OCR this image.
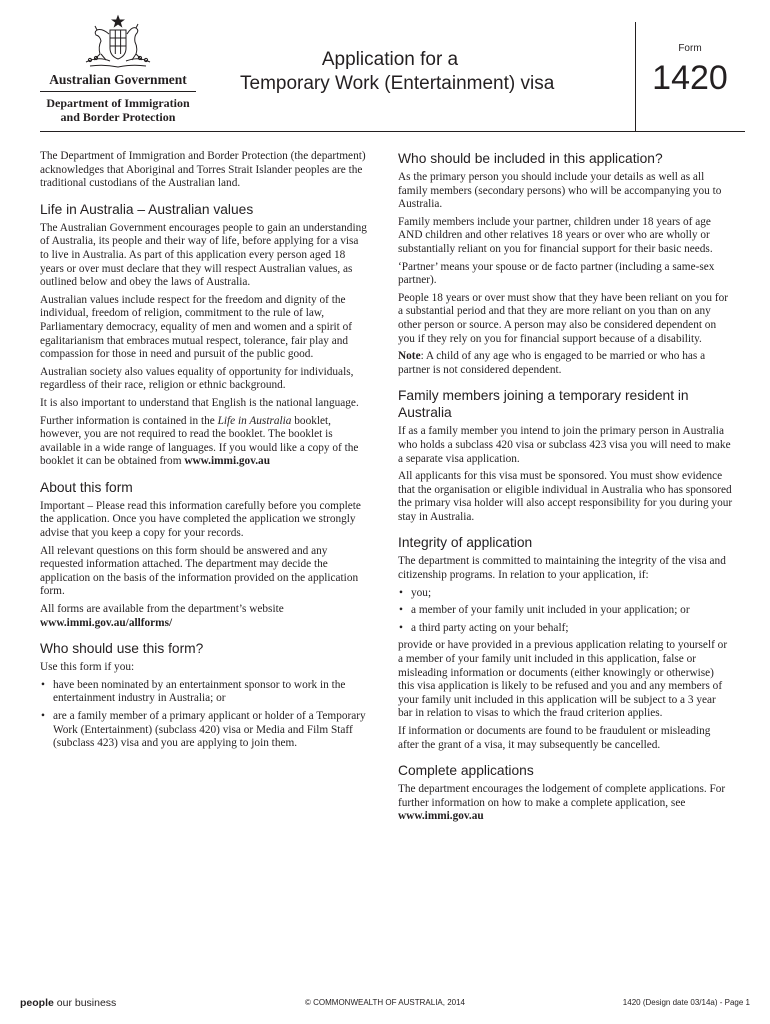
Australian Government
Department of Immigration
and Border Protection
Application for a
Temporary Work (Entertainment) visa
Form
1420

The Department of Immigration and Border Protection (the department) acknowledges that Aboriginal and Torres Strait Islander peoples are the traditional custodians of the Australian land.

Life in Australia – Australian values

The Australian Government encourages people to gain an understanding of Australia, its people and their way of life, before applying for a visa to live in Australia. As part of this application every person aged 18 years or over must declare that they will respect Australian values, as outlined below and obey the laws of Australia.

Australian values include respect for the freedom and dignity of the individual, freedom of religion, commitment to the rule of law, Parliamentary democracy, equality of men and women and a spirit of egalitarianism that embraces mutual respect, tolerance, fair play and compassion for those in need and pursuit of the public good.

Australian society also values equality of opportunity for individuals, regardless of their race, religion or ethnic background.

It is also important to understand that English is the national language.

Further information is contained in the Life in Australia booklet, however, you are not required to read the booklet. The booklet is available in a wide range of languages. If you would like a copy of the booklet it can be obtained from www.immi.gov.au

About this form

Important – Please read this information carefully before you complete the application. Once you have completed the application we strongly advise that you keep a copy for your records.

All relevant questions on this form should be answered and any requested information attached. The department may decide the application on the basis of the information provided on the application form.

All forms are available from the department’s website
www.immi.gov.au/allforms/

Who should use this form?

Use this form if you:

• have been nominated by an entertainment sponsor to work in the entertainment industry in Australia; or
• are a family member of a primary applicant or holder of a Temporary Work (Entertainment) (subclass 420) visa or Media and Film Staff (subclass 423) visa and you are applying to join them.
Who should be included in this application?

As the primary person you should include your details as well as all family members (secondary persons) who will be accompanying you to Australia.

Family members include your partner, children under 18 years of age AND children and other relatives 18 years or over who are wholly or substantially reliant on you for financial support for their basic needs.

‘Partner’ means your spouse or de facto partner (including a same-sex partner).

People 18 years or over must show that they have been reliant on you for a substantial period and that they are more reliant on you than on any other person or source. A person may also be considered dependent on you if they rely on you for financial support because of a disability.

Note: A child of any age who is engaged to be married or who has a partner is not considered dependent.

Family members joining a temporary resident in Australia

If as a family member you intend to join the primary person in Australia who holds a subclass 420 visa or subclass 423 visa you will need to make a separate visa application.

All applicants for this visa must be sponsored. You must show evidence that the organisation or eligible individual in Australia who has sponsored the primary visa holder will also accept responsibility for you during your stay in Australia.

Integrity of application

The department is committed to maintaining the integrity of the visa and citizenship programs. In relation to your application, if:

• you;
• a member of your family unit included in your application; or
• a third party acting on your behalf;

provide or have provided in a previous application relating to yourself or a member of your family unit included in this application, false or misleading information or documents (either knowingly or otherwise) this visa application is likely to be refused and you and any members of your family unit included in this application will be subject to a 3 year bar in relation to visas to which the fraud criterion applies.

If information or documents are found to be fraudulent or misleading after the grant of a visa, it may subsequently be cancelled.

Complete applications

The department encourages the lodgement of complete applications. For further information on how to make a complete application, see www.immi.gov.au

people our business	© COMMONWEALTH OF AUSTRALIA, 2014	1420 (Design date 03/14a) - Page 1
